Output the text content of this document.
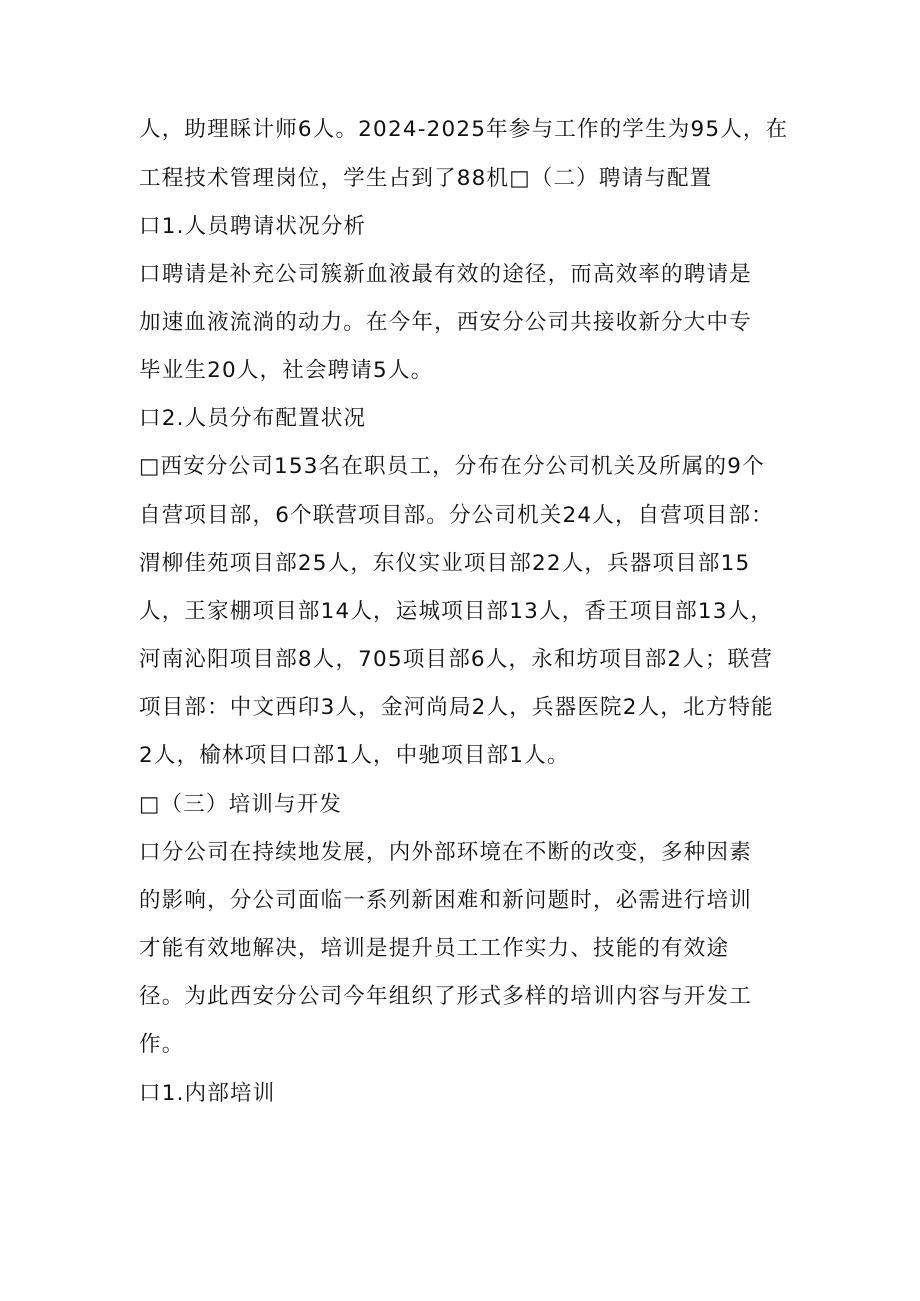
人，助理睬计师6人。2024-2025年参与工作的学生为95人，在
工程技术管理岗位，学生占到了88机□（二）聘请与配置
口1.人员聘请状况分析
口聘请是补充公司簇新血液最有效的途径，而高效率的聘请是
加速血液流淌的动力。在今年，西安分公司共接收新分大中专
毕业生20人，社会聘请5人。
口2.人员分布配置状况
□西安分公司153名在职员工，分布在分公司机关及所属的9个
自营项目部，6个联营项目部。分公司机关24人，自营项目部：
渭柳佳苑项目部25人，东仪实业项目部22人，兵器项目部15
人，王家棚项目部14人，运城项目部13人，香王项目部13人，
河南沁阳项目部8人，705项目部6人，永和坊项目部2人；联营
项目部：中文西印3人，金河尚局2人，兵器医院2人，北方特能
2人，榆林项目口部1人，中驰项目部1人。
□（三）培训与开发
口分公司在持续地发展，内外部环境在不断的改变，多种因素
的影响，分公司面临一系列新困难和新问题时，必需进行培训
才能有效地解决，培训是提升员工工作实力、技能的有效途
径。为此西安分公司今年组织了形式多样的培训内容与开发工
作。
口1.内部培训
